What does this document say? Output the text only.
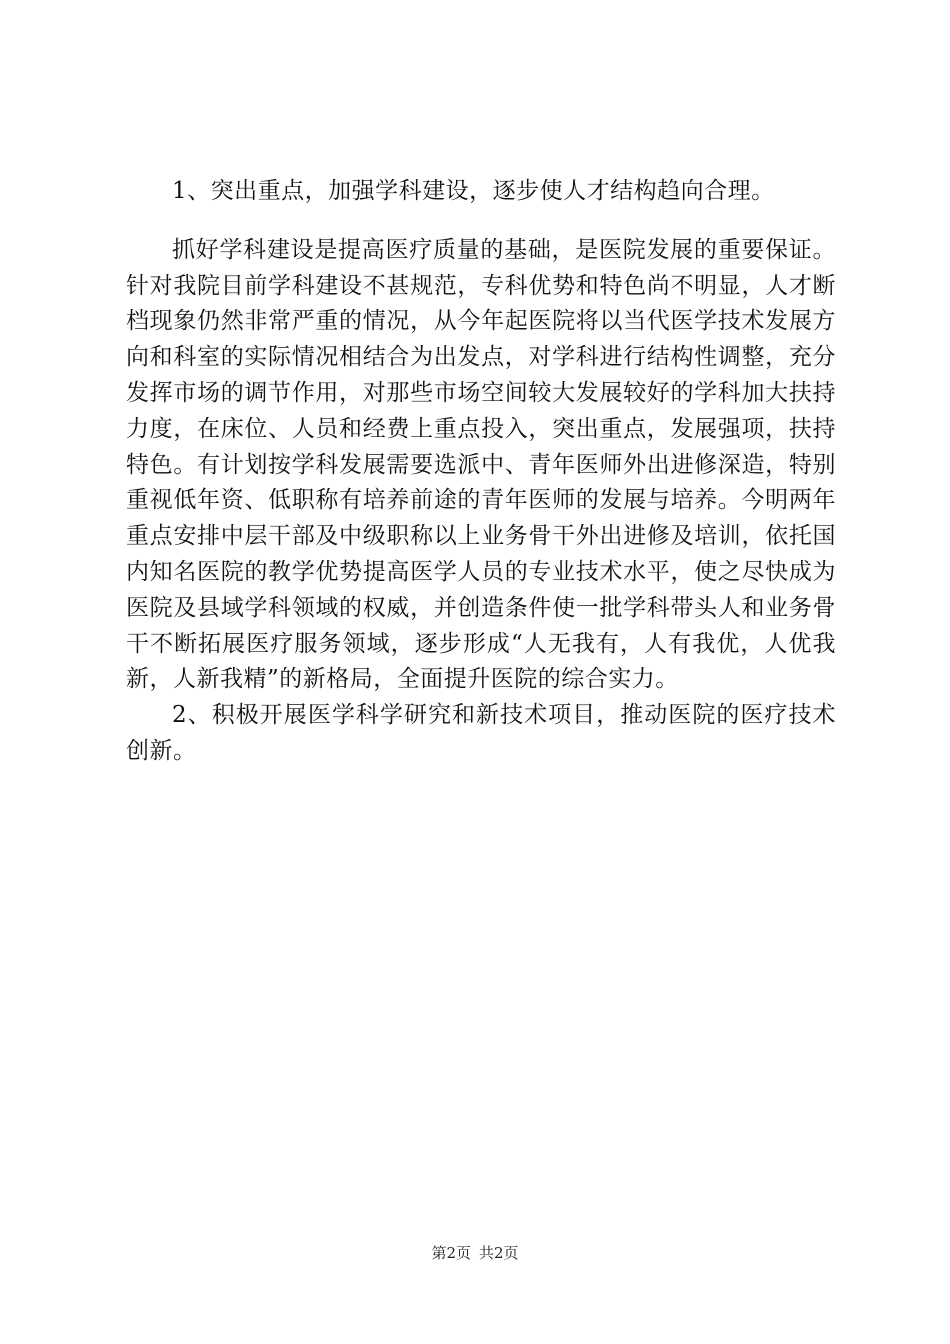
1、突出重点，加强学科建设，逐步使人才结构趋向合理。

抓好学科建设是提高医疗质量的基础，是医院发展的重要保证。针对我院目前学科建设不甚规范，专科优势和特色尚不明显，人才断档现象仍然非常严重的情况，从今年起医院将以当代医学技术发展方向和科室的实际情况相结合为出发点，对学科进行结构性调整，充分发挥市场的调节作用，对那些市场空间较大发展较好的学科加大扶持力度，在床位、人员和经费上重点投入，突出重点，发展强项，扶持特色。有计划按学科发展需要选派中、青年医师外出进修深造，特别重视低年资、低职称有培养前途的青年医师的发展与培养。今明两年重点安排中层干部及中级职称以上业务骨干外出进修及培训，依托国内知名医院的教学优势提高医学人员的专业技术水平，使之尽快成为医院及县域学科领域的权威，并创造条件使一批学科带头人和业务骨干不断拓展医疗服务领域，逐步形成“人无我有，人有我优，人优我新，人新我精”的新格局，全面提升医院的综合实力。

2、积极开展医学科学研究和新技术项目，推动医院的医疗技术创新。

第2页 共2页
